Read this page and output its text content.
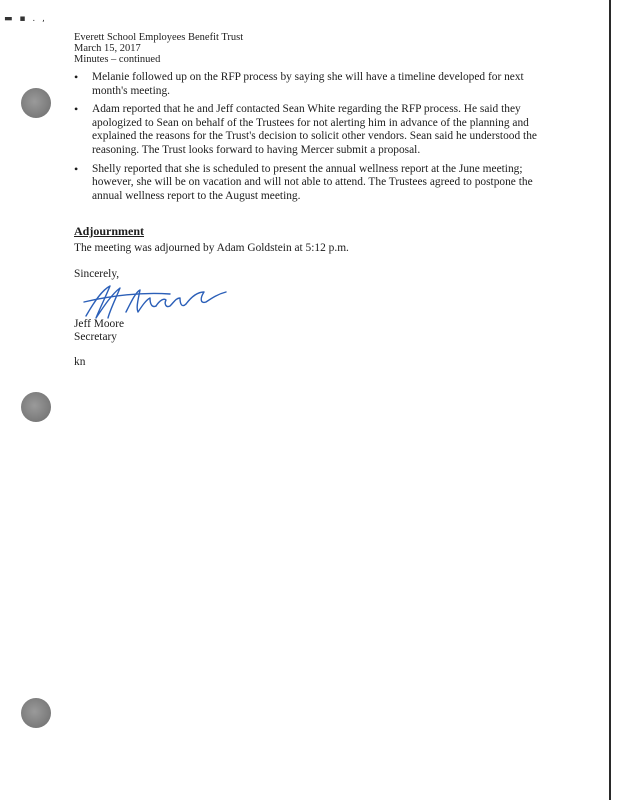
▬ ▪ . ,
Everett School Employees Benefit Trust
March 15, 2017
Minutes – continued
• Melanie followed up on the RFP process by saying she will have a timeline developed for next month's meeting.
• Adam reported that he and Jeff contacted Sean White regarding the RFP process. He said they apologized to Sean on behalf of the Trustees for not alerting him in advance of the planning and explained the reasons for the Trust's decision to solicit other vendors. Sean said he understood the reasoning. The Trust looks forward to having Mercer submit a proposal.
• Shelly reported that she is scheduled to present the annual wellness report at the June meeting; however, she will be on vacation and will not able to attend. The Trustees agreed to postpone the annual wellness report to the August meeting.
Adjournment
The meeting was adjourned by Adam Goldstein at 5:12 p.m.
Sincerely,
Jeff Moore
Secretary
kn
